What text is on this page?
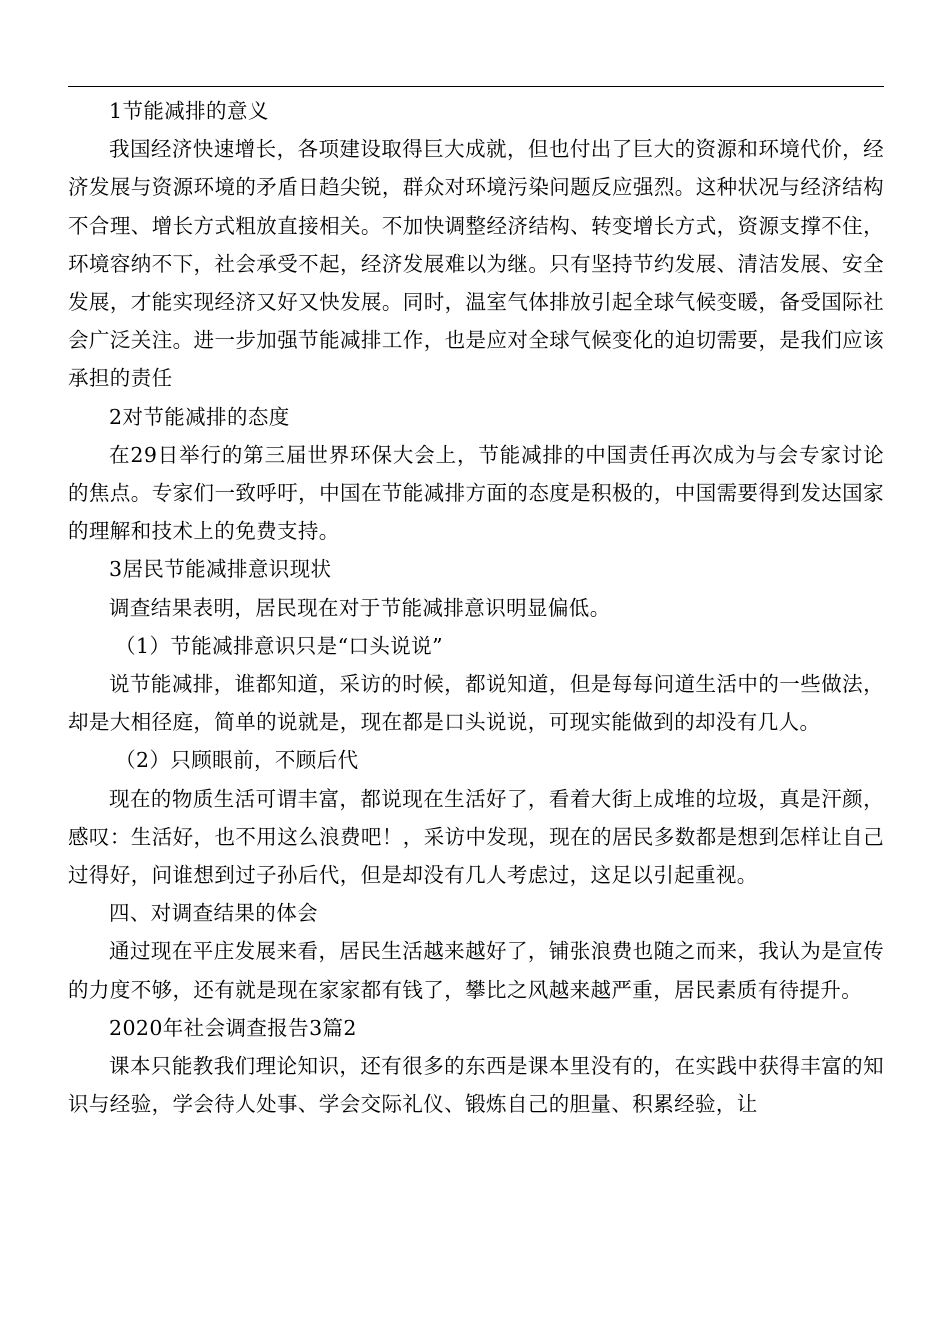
1节能减排的意义

我国经济快速增长，各项建设取得巨大成就，但也付出了巨大的资源和环境代价，经济发展与资源环境的矛盾日趋尖锐，群众对环境污染问题反应强烈。这种状况与经济结构不合理、增长方式粗放直接相关。不加快调整经济结构、转变增长方式，资源支撑不住，环境容纳不下，社会承受不起，经济发展难以为继。只有坚持节约发展、清洁发展、安全发展，才能实现经济又好又快发展。同时，温室气体排放引起全球气候变暖，备受国际社会广泛关注。进一步加强节能减排工作，也是应对全球气候变化的迫切需要，是我们应该承担的责任

2对节能减排的态度

在29日举行的第三届世界环保大会上，节能减排的中国责任再次成为与会专家讨论的焦点。专家们一致呼吁，中国在节能减排方面的态度是积极的，中国需要得到发达国家的理解和技术上的免费支持。

3居民节能减排意识现状

调查结果表明，居民现在对于节能减排意识明显偏低。

（1）节能减排意识只是“口头说说”

说节能减排，谁都知道，采访的时候，都说知道，但是每每问道生活中的一些做法，却是大相径庭，简单的说就是，现在都是口头说说，可现实能做到的却没有几人。

（2）只顾眼前，不顾后代

现在的物质生活可谓丰富，都说现在生活好了，看着大街上成堆的垃圾，真是汗颜，感叹：生活好，也不用这么浪费吧！，采访中发现，现在的居民多数都是想到怎样让自己过得好，问谁想到过子孙后代，但是却没有几人考虑过，这足以引起重视。

四、对调查结果的体会

通过现在平庄发展来看，居民生活越来越好了，铺张浪费也随之而来，我认为是宣传的力度不够，还有就是现在家家都有钱了，攀比之风越来越严重，居民素质有待提升。

2020年社会调查报告3篇2

课本只能教我们理论知识，还有很多的东西是课本里没有的，在实践中获得丰富的知识与经验，学会待人处事、学会交际礼仪、锻炼自己的胆量、积累经验，让
